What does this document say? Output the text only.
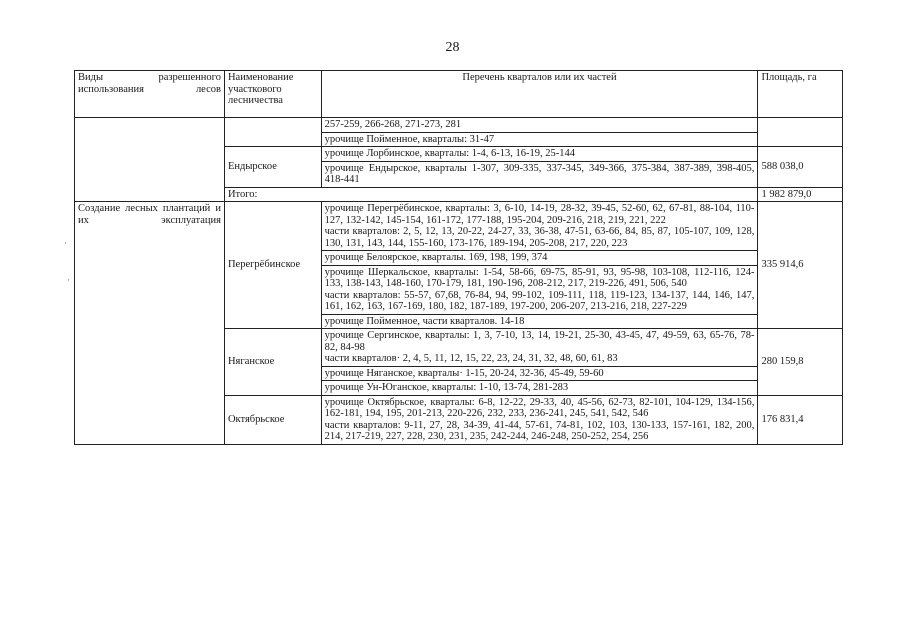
28
·
·
Виды разрешенного использования лесов	Наименование участкового лесничества	Перечень кварталов или их частей	Площадь, га
		257-259, 266-268, 271-273, 281	
		урочище Пойменное, кварталы: 31-47	
	Ендырское	урочище Лорбинское, кварталы: 1-4, 6-13, 16-19, 25-144	588 038,0
		урочище Ендырское, кварталы 1-307, 309-335, 337-345, 349-366, 375-384, 387-389, 398-405, 418-441	
	Итого:		1 982 879,0

Создание лесных плантаций и их эксплуатация	Перегрёбинское	урочище Перегрёбинское, кварталы: 3, 6-10, 14-19, 28-32, 39-45, 52-60, 62, 67-81, 88-104, 110-127, 132-142, 145-154, 161-172, 177-188, 195-204, 209-216, 218, 219, 221, 222
части кварталов: 2, 5, 12, 13, 20-22, 24-27, 33, 36-38, 47-51, 63-66, 84, 85, 87, 105-107, 109, 128, 130, 131, 143, 144, 155-160, 173-176, 189-194, 205-208, 217, 220, 223	335 914,6
		урочище Белоярское, кварталы. 169, 198, 199, 374	

		урочище Шеркальское, кварталы: 1-54, 58-66, 69-75, 85-91, 93, 95-98, 103-108, 112-116, 124-133, 138-143, 148-160, 170-179, 181, 190-196, 208-212, 217, 219-226, 491, 506, 540
части кварталов: 55-57, 67,68, 76-84, 94, 99-102, 109-111, 118, 119-123, 134-137, 144, 146, 147, 161, 162, 163, 167-169, 180, 182, 187-189, 197-200, 206-207, 213-216, 218, 227-229	

		урочище Пойменное, части кварталов. 14-18	
	Няганское	урочище Сергинское, кварталы: 1, 3, 7-10, 13, 14, 19-21, 25-30, 43-45, 47, 49-59, 63, 65-76, 78-82, 84-98
части кварталов· 2, 4, 5, 11, 12, 15, 22, 23, 24, 31, 32, 48, 60, 61, 83	280 159,8
		урочище Няганское, кварталы· 1-15, 20-24, 32-36, 45-49, 59-60	
		урочище Ун-Юганское, кварталы: 1-10, 13-74, 281-283	
	Октябрьское	урочище Октябрьское, кварталы: 6-8, 12-22, 29-33, 40, 45-56, 62-73, 82-101, 104-129, 134-156, 162-181, 194, 195, 201-213, 220-226, 232, 233, 236-241, 245, 541, 542, 546
части кварталов: 9-11, 27, 28, 34-39, 41-44, 57-61, 74-81, 102, 103, 130-133, 157-161, 182, 200, 214, 217-219, 227, 228, 230, 231, 235, 242-244, 246-248, 250-252, 254, 256	176 831,4
